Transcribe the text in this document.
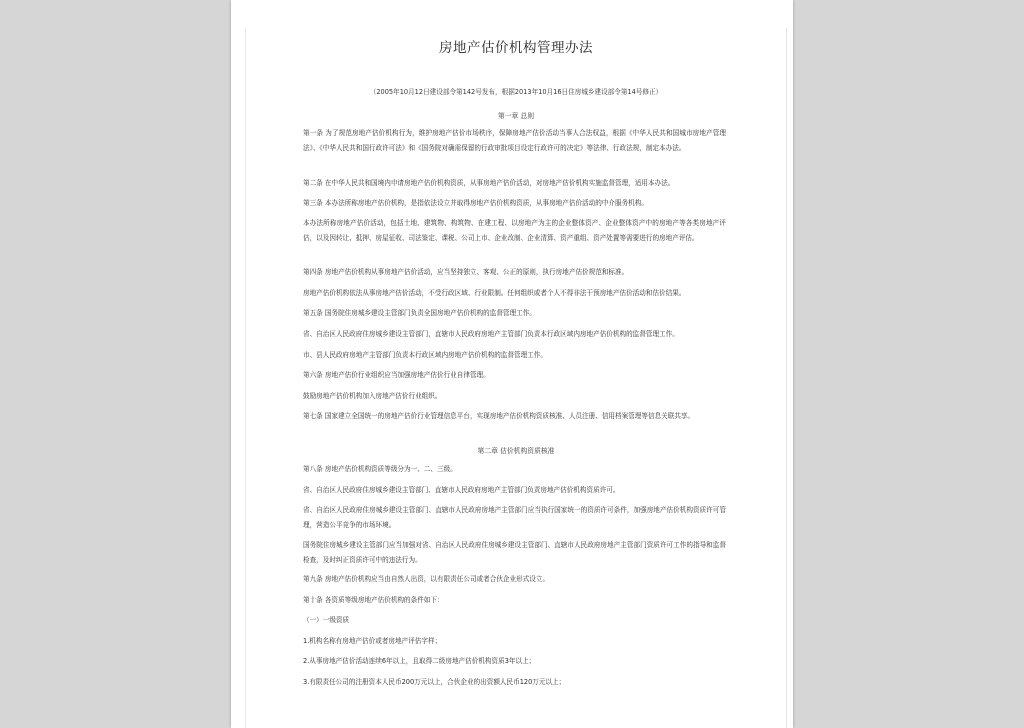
房地产估价机构管理办法
（2005年10月12日建设部令第142号发布，根据2013年10月16日住房城乡建设部令第14号修正）
第一章 总则
第一条 为了规范房地产估价机构行为，维护房地产估价市场秩序，保障房地产估价活动当事人合法权益，根据《中华人民共和国城市房地产管理法》、《中华人民共和国行政许可法》和《国务院对确需保留的行政审批项目设定行政许可的决定》等法律、行政法规，制定本办法。
第二条 在中华人民共和国境内申请房地产估价机构资质，从事房地产估价活动，对房地产估价机构实施监督管理，适用本办法。
第三条 本办法所称房地产估价机构，是指依法设立并取得房地产估价机构资质，从事房地产估价活动的中介服务机构。
本办法所称房地产估价活动，包括土地、建筑物、构筑物、在建工程、以房地产为主的企业整体资产、企业整体资产中的房地产等各类房地产评估，以及因转让、抵押、房屋征收、司法鉴定、课税、公司上市、企业改制、企业清算、资产重组、资产处置等需要进行的房地产评估。
第四条 房地产估价机构从事房地产估价活动，应当坚持独立、客观、公正的原则，执行房地产估价规范和标准。
房地产估价机构依法从事房地产估价活动，不受行政区域、行业限制。任何组织或者个人不得非法干预房地产估价活动和估价结果。
第五条 国务院住房城乡建设主管部门负责全国房地产估价机构的监督管理工作。
省、自治区人民政府住房城乡建设主管部门，直辖市人民政府房地产主管部门负责本行政区域内房地产估价机构的监督管理工作。
市、县人民政府房地产主管部门负责本行政区域内房地产估价机构的监督管理工作。
第六条 房地产估价行业组织应当加强房地产估价行业自律管理。
鼓励房地产估价机构加入房地产估价行业组织。
第七条 国家建立全国统一的房地产估价行业管理信息平台，实现房地产估价机构资质核准、人员注册、信用档案管理等信息关联共享。
第二章 估价机构资质核准
第八条 房地产估价机构资质等级分为一、二、三级。
省、自治区人民政府住房城乡建设主管部门、直辖市人民政府房地产主管部门负责房地产估价机构资质许可。
省、自治区人民政府住房城乡建设主管部门、直辖市人民政府房地产主管部门应当执行国家统一的资质许可条件，加强房地产估价机构资质许可管理，营造公平竞争的市场环境。
国务院住房城乡建设主管部门应当加强对省、自治区人民政府住房城乡建设主管部门、直辖市人民政府房地产主管部门资质许可工作的指导和监督检查，及时纠正资质许可中的违法行为。
第九条 房地产估价机构应当由自然人出资，以有限责任公司或者合伙企业形式设立。
第十条 各资质等级房地产估价机构的条件如下：
（一）一级资质
1.机构名称有房地产估价或者房地产评估字样；
2.从事房地产估价活动连续6年以上，且取得二级房地产估价机构资质3年以上；
3.有限责任公司的注册资本人民币200万元以上，合伙企业的出资额人民币120万元以上；
